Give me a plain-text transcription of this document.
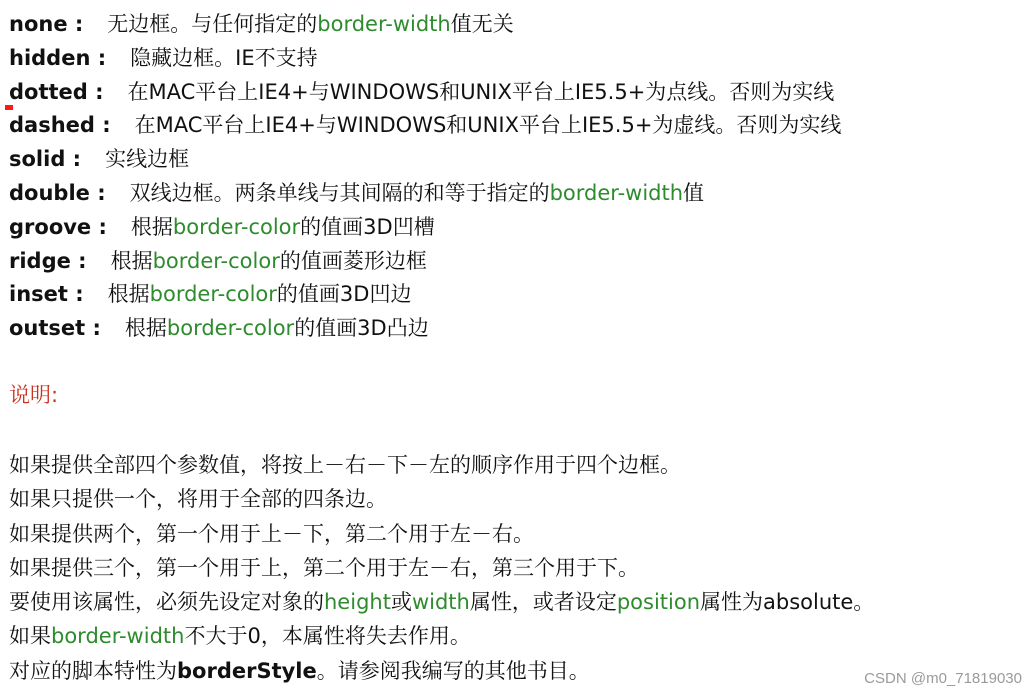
none : 无边框。与任何指定的border-width值无关
hidden : 隐藏边框。IE不支持
dotted : 在MAC平台上IE4+与WINDOWS和UNIX平台上IE5.5+为点线。否则为实线
dashed : 在MAC平台上IE4+与WINDOWS和UNIX平台上IE5.5+为虚线。否则为实线
solid : 实线边框
double : 双线边框。两条单线与其间隔的和等于指定的border-width值
groove : 根据border-color的值画3D凹槽
ridge : 根据border-color的值画菱形边框
inset : 根据border-color的值画3D凹边
outset : 根据border-color的值画3D凸边
说明:
如果提供全部四个参数值，将按上－右－下－左的顺序作用于四个边框。
如果只提供一个，将用于全部的四条边。
如果提供两个，第一个用于上－下，第二个用于左－右。
如果提供三个，第一个用于上，第二个用于左－右，第三个用于下。
要使用该属性，必须先设定对象的height或width属性，或者设定position属性为absolute。
如果border-width不大于0，本属性将失去作用。
对应的脚本特性为borderStyle。请参阅我编写的其他书目。	CSDN @m0_71819030
